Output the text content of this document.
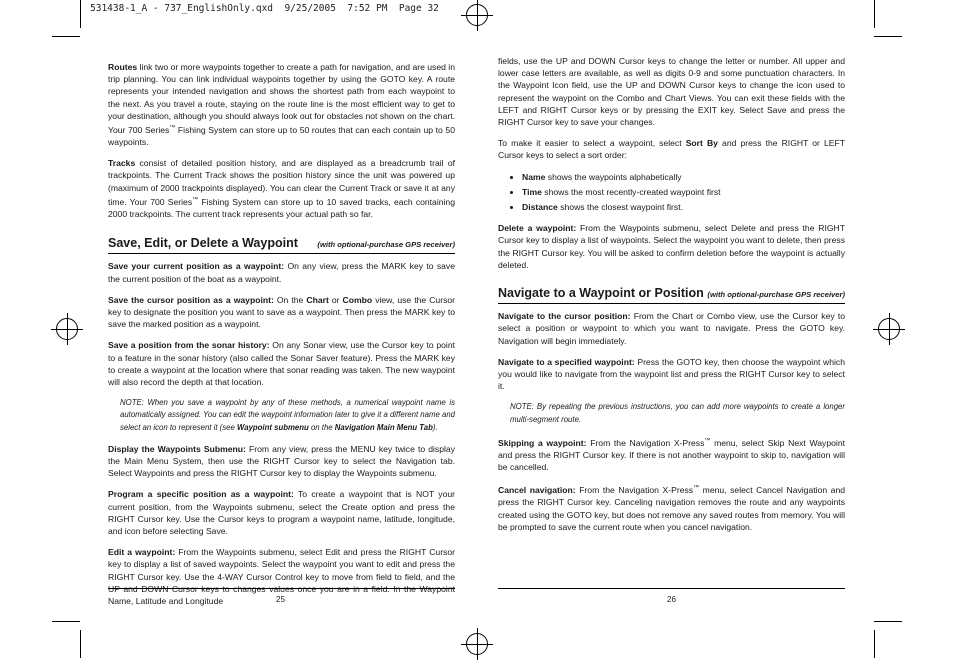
531438-1_A - 737_EnglishOnly.qxd  9/25/2005  7:52 PM  Page 32

Routes link two or more waypoints together to create a path for navigation, and are used in trip planning. You can link individual waypoints together by using the GOTO key. A route represents your intended navigation and shows the shortest path from each waypoint to the next. As you travel a route, staying on the route line is the most efficient way to get to your destination, although you should always look out for obstacles not shown on the chart. Your 700 Series™ Fishing System can store up to 50 routes that can each contain up to 50 waypoints.

Tracks consist of detailed position history, and are displayed as a breadcrumb trail of trackpoints. The Current Track shows the position history since the unit was powered up (maximum of 2000 trackpoints displayed). You can clear the Current Track or save it at any time. Your 700 Series™ Fishing System can store up to 10 saved tracks, each containing 2000 trackpoints. The current track represents your actual path so far.

Save, Edit, or Delete a Waypoint	(with optional-purchase GPS receiver)

Save your current position as a waypoint: On any view, press the MARK key to save the current position of the boat as a waypoint.

Save the cursor position as a waypoint: On the Chart or Combo view, use the Cursor key to designate the position you want to save as a waypoint. Then press the MARK key to save the marked position as a waypoint.

Save a position from the sonar history: On any Sonar view, use the Cursor key to point to a feature in the sonar history (also called the Sonar Saver feature). Press the MARK key to create a waypoint at the location where that sonar reading was taken. The new waypoint will also record the depth at that location.

NOTE: When you save a waypoint by any of these methods, a numerical waypoint name is automatically assigned. You can edit the waypoint information later to give it a different name and select an icon to represent it (see Waypoint submenu on the Navigation Main Menu Tab).

Display the Waypoints Submenu: From any view, press the MENU key twice to display the Main Menu System, then use the RIGHT Cursor key to select the Navigation tab. Select Waypoints and press the RIGHT Cursor key to display the Waypoints submenu.

Program a specific position as a waypoint: To create a waypoint that is NOT your current position, from the Waypoints submenu, select the Create option and press the RIGHT Cursor key. Use the Cursor keys to program a waypoint name, latitude, longitude, and icon before selecting Save.

Edit a waypoint: From the Waypoints submenu, select Edit and press the RIGHT Cursor key to display a list of saved waypoints. Select the waypoint you want to edit and press the RIGHT Cursor key. Use the 4-WAY Cursor Control key to move from field to field, and the Name, Latitude and Longitude	25

fields, use the UP and DOWN Cursor keys to change the letter or number. All upper and lower case letters are available, as well as digits 0-9 and some punctuation characters. In the Waypoint Icon field, use the UP and DOWN Cursor keys to change the icon used to represent the waypoint on the Combo and Chart Views. You can exit these fields with the LEFT and RIGHT Cursor keys or by pressing the EXIT key. Select Save and press the RIGHT Cursor key to save your changes.

To make it easier to select a waypoint, select Sort By and press the RIGHT or LEFT Cursor keys to select a sort order:

• Name shows the waypoints alphabetically
• Time shows the most recently-created waypoint first
• Distance shows the closest waypoint first.

Delete a waypoint: From the Waypoints submenu, select Delete and press the RIGHT Cursor key to display a list of waypoints. Select the waypoint you want to delete, then press the RIGHT Cursor key. You will be asked to confirm deletion before the waypoint is actually deleted.

Navigate to a Waypoint or Position (with optional-purchase GPS receiver)

Navigate to the cursor position: From the Chart or Combo view, use the Cursor key to select a position or waypoint to which you want to navigate. Press the GOTO key. Navigation will begin immediately.

Navigate to a specified waypoint: Press the GOTO key, then choose the waypoint which you would like to navigate from the waypoint list and press the RIGHT Cursor key to select it.

NOTE: By repeating the previous instructions, you can add more waypoints to create a longer multi-segment route.

Skipping a waypoint: From the Navigation X-Press™ menu, select Skip Next Waypoint and press the RIGHT Cursor key. If there is not another waypoint to skip to, navigation will be cancelled.

Cancel navigation: From the Navigation X-Press™ menu, select Cancel Navigation and press the RIGHT Cursor key. Canceling navigation removes the route and any waypoints created using the GOTO key, but does not remove any saved routes from memory. You will be prompted to save the current route when you cancel navigation.

26
